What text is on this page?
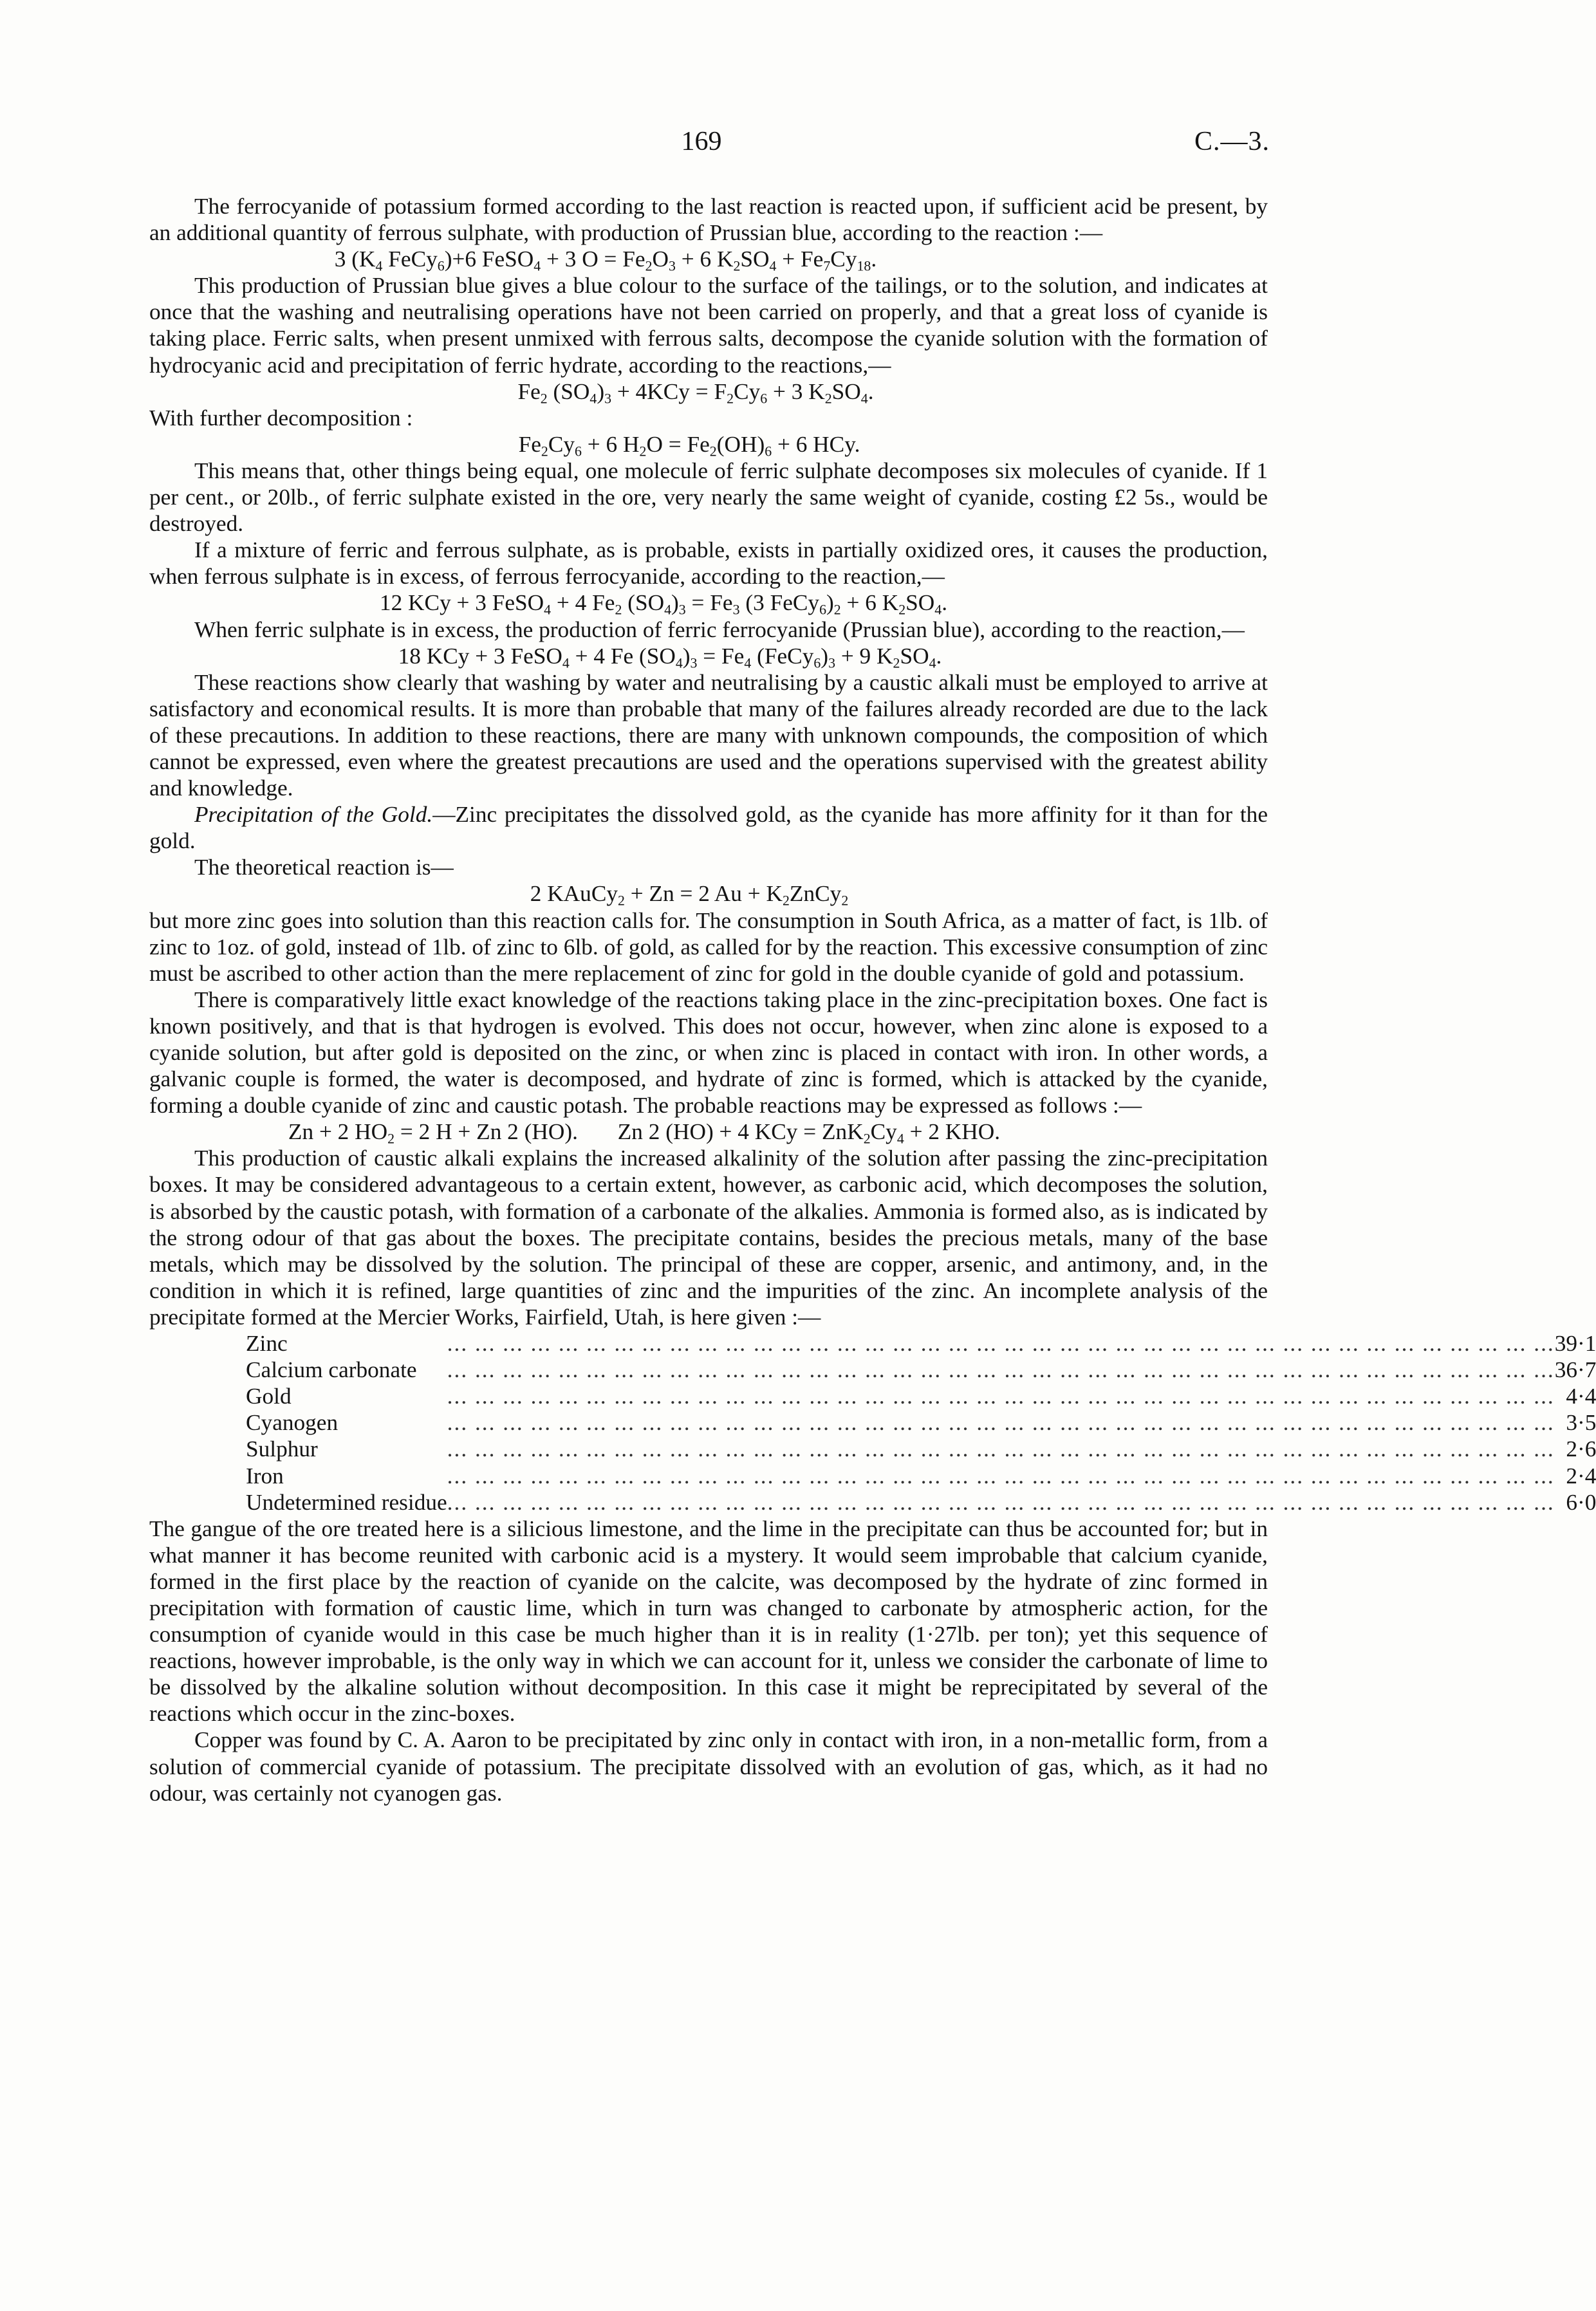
169	C.—3.

The ferrocyanide of potassium formed according to the last reaction is reacted upon, if sufficient acid be present, by an additional quantity of ferrous sulphate, with production of Prussian blue, according to the reaction :—

3 ($K_4$ FeCy$_6$)+6 FeSO$_4$ + 3 $O = Fe_2O_3 + 6$ $K_2SO_4 + Fe_7Cy_{18}$.

This production of Prussian blue gives a blue colour to the surface of the tailings, or to the solution, and indicates at once that the washing and neutralising operations have not been carried on properly, and that a great loss of cyanide is taking place. Ferric salts, when present unmixed with ferrous salts, decompose the cyanide solution with the formation of hydrocyanic acid and precipitation of ferric hydrate, according to the reactions,—

$Fe_2$ $(SO_4)_3 + 4KCy = F_2Cy_6 + 3$ $K_2SO_4$.

With further decomposition :

$Fe_2Cy_6 + 6$ $H_2O = Fe_2(OH)_6 + 6$ HCy.

This means that, other things being equal, one molecule of ferric sulphate decomposes six molecules of cyanide. If 1 per cent., or 20lb., of ferric sulphate existed in the ore, very nearly the same weight of cyanide, costing £2 5s., would be destroyed.

If a mixture of ferric and ferrous sulphate, as is probable, exists in partially oxidized ores, it causes the production, when ferrous sulphate is in excess, of ferrous ferrocyanide, according to the reaction,—

12 KCy + 3 FeSO$_4$ + 4 $Fe_2$ $(SO_4)_3 = Fe_3$ (3 $FeCy_6)_2 + 6$ $K_2SO_4$.

When ferric sulphate is in excess, the production of ferric ferrocyanide (Prussian blue), according to the reaction,—

18 KCy + 3 FeSO$_4$ + 4 Fe $(SO_4)_3 = Fe_4$ $(FeCy_6)_3 + 9$ $K_2SO_4$.

These reactions show clearly that washing by water and neutralising by a caustic alkali must be employed to arrive at satisfactory and economical results. It is more than probable that many of the failures already recorded are due to the lack of these precautions. In addition to these reactions, there are many with unknown compounds, the composition of which cannot be expressed, even where the greatest precautions are used and the operations supervised with the greatest ability and knowledge.

Precipitation of the Gold.—Zinc precipitates the dissolved gold, as the cyanide has more affinity for it than for the gold.

The theoretical reaction is—

2 KAuCy$_2$ + Zn = 2 $Au + K_2ZnCy_2$

but more zinc goes into solution than this reaction calls for. The consumption in South Africa, as a matter of fact, is 1lb. of zinc to 1oz. of gold, instead of 1lb. of zinc to 6lb. of gold, as called for by the reaction. This excessive consumption of zinc must be ascribed to other action than the mere replacement of zinc for gold in the double cyanide of gold and potassium.

There is comparatively little exact knowledge of the reactions taking place in the zinc-precipitation boxes. One fact is known positively, and that is that hydrogen is evolved. This does not occur, however, when zinc alone is exposed to a cyanide solution, but after gold is deposited on the zinc, or when zinc is placed in contact with iron. In other words, a galvanic couple is formed, the water is decomposed, and hydrate of zinc is formed, which is attacked by the cyanide, forming a double cyanide of zinc and caustic potash. The probable reactions may be expressed as follows :—

Zn + 2 $HO_2 = 2$ H + Zn 2 (HO).       Zn 2 (HO) + 4 KCy = $ZnK_2Cy_4 + 2$ KHO.

This production of caustic alkali explains the increased alkalinity of the solution after passing the zinc-precipitation boxes. It may be considered advantageous to a certain extent, however, as carbonic acid, which decomposes the solution, is absorbed by the caustic potash, with formation of a carbonate of the alkalies. Ammonia is formed also, as is indicated by the strong odour of that gas about the boxes. The precipitate contains, besides the precious metals, many of the base metals, which may be dissolved by the solution. The principal of these are copper, arsenic, and antimony, and, in the condition in which it is refined, large quantities of zinc and the impurities of the zinc. An incomplete analysis of the precipitate formed at the Mercier Works, Fairfield, Utah, is here given :—

Zinc	... ... ... ... ... ... ... ... ... ... ... ... ... ... ... ... ... ... ... ... ... ... ... ... ... ... ... ... ... ... ... ... ... ... ... ... ... ... ... ...	39·1
Calcium carbonate	... ... ... ... ... ... ... ... ... ... ... ... ... ... ... ... ... ... ... ... ... ... ... ... ... ... ... ... ... ... ... ... ... ... ... ... ... ... ... ...	36·7
Gold	... ... ... ... ... ... ... ... ... ... ... ... ... ... ... ... ... ... ... ... ... ... ... ... ... ... ... ... ... ... ... ... ... ... ... ... ... ... ... ...	4·4
Cyanogen	... ... ... ... ... ... ... ... ... ... ... ... ... ... ... ... ... ... ... ... ... ... ... ... ... ... ... ... ... ... ... ... ... ... ... ... ... ... ... ...	3·5
Sulphur	... ... ... ... ... ... ... ... ... ... ... ... ... ... ... ... ... ... ... ... ... ... ... ... ... ... ... ... ... ... ... ... ... ... ... ... ... ... ... ...	2·6
Iron	... ... ... ... ... ... ... ... ... ... ... ... ... ... ... ... ... ... ... ... ... ... ... ... ... ... ... ... ... ... ... ... ... ... ... ... ... ... ... ...	2·4
Undetermined residue	... ... ... ... ... ... ... ... ... ... ... ... ... ... ... ... ... ... ... ... ... ... ... ... ... ... ... ... ... ... ... ... ... ... ... ... ... ... ... ...	6·0

The gangue of the ore treated here is a silicious limestone, and the lime in the precipitate can thus be accounted for; but in what manner it has become reunited with carbonic acid is a mystery. It would seem improbable that calcium cyanide, formed in the first place by the reaction of cyanide on the calcite, was decomposed by the hydrate of zinc formed in precipitation with formation of caustic lime, which in turn was changed to carbonate by atmospheric action, for the consumption of cyanide would in this case be much higher than it is in reality (1·27lb. per ton); yet this sequence of reactions, however improbable, is the only way in which we can account for it, unless we consider the carbonate of lime to be dissolved by the alkaline solution without decomposition. In this case it might be reprecipitated by several of the reactions which occur in the zinc-boxes.

Copper was found by C. A. Aaron to be precipitated by zinc only in contact with iron, in a non-metallic form, from a solution of commercial cyanide of potassium. The precipitate dissolved with an evolution of gas, which, as it had no odour, was certainly not cyanogen gas.
